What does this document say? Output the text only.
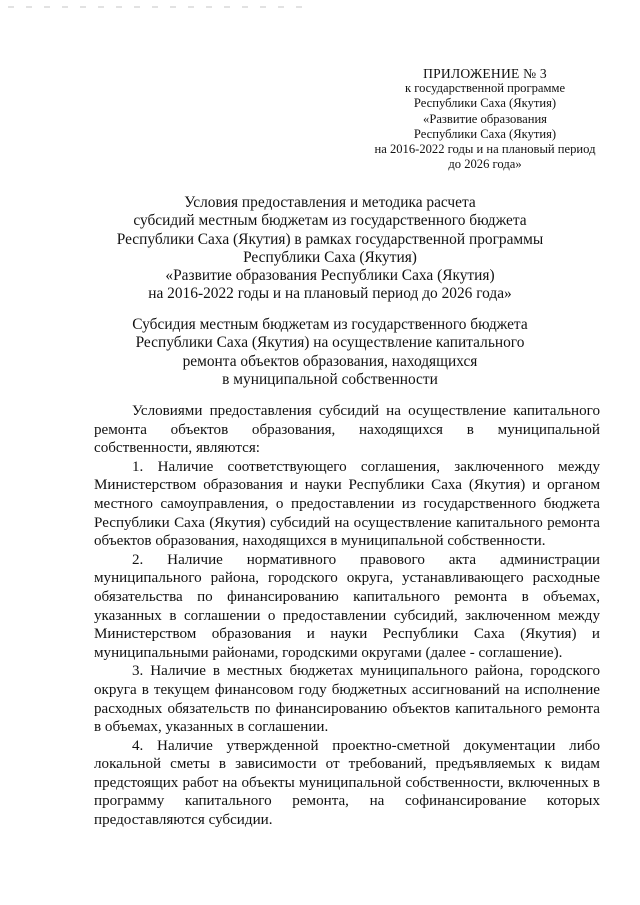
ПРИЛОЖЕНИЕ № 3
к государственной программе
Республики Саха (Якутия)
«Развитие образования
Республики Саха (Якутия)
на 2016-2022 годы и на плановый период
до 2026 года»
Условия предоставления и методика расчета
субсидий местным бюджетам из государственного бюджета
Республики Саха (Якутия) в рамках государственной программы
Республики Саха (Якутия)
«Развитие образования Республики Саха (Якутия)
на 2016-2022 годы и на плановый период до 2026 года»
Субсидия местным бюджетам из государственного бюджета
Республики Саха (Якутия) на осуществление капитального
ремонта объектов образования, находящихся
в муниципальной собственности

Условиями предоставления субсидий на осуществление капитального ремонта объектов образования, находящихся в муниципальной собственности, являются:

1. Наличие соответствующего соглашения, заключенного между Министерством образования и науки Республики Саха (Якутия) и органом местного самоуправления, о предоставлении из государственного бюджета Республики Саха (Якутия) субсидий на осуществление капитального ремонта объектов образования, находящихся в муниципальной собственности.

2. Наличие нормативного правового акта администрации муниципального района, городского округа, устанавливающего расходные обязательства по финансированию капитального ремонта в объемах, указанных в соглашении о предоставлении субсидий, заключенном между Министерством образования и науки Республики Саха (Якутия) и муниципальными районами, городскими округами (далее - соглашение).

3. Наличие в местных бюджетах муниципального района, городского округа в текущем финансовом году бюджетных ассигнований на исполнение расходных обязательств по финансированию объектов капитального ремонта в объемах, указанных в соглашении.

4. Наличие утвержденной проектно-сметной документации либо локальной сметы в зависимости от требований, предъявляемых к видам предстоящих работ на объекты муниципальной собственности, включенных в программу капитального ремонта, на софинансирование которых предоставляются субсидии.
